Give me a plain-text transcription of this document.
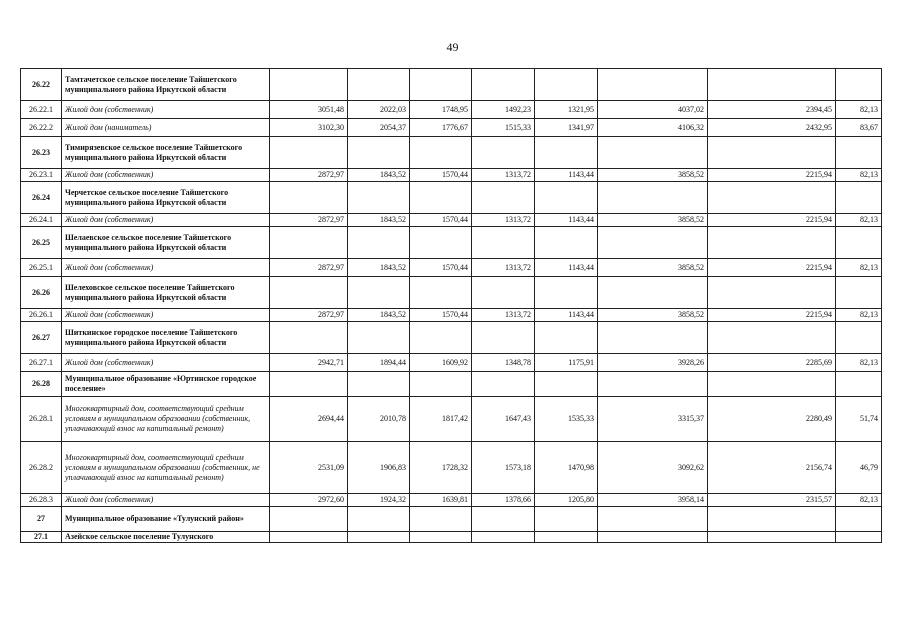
49
26.22	Тамтачетское сельское поселение Тайшетского муниципального района Иркутской области								
26.22.1	Жилой дом (собственник)	3051,48	2022,03	1748,95	1492,23	1321,95	4037,02	2394,45	82,13
26.22.2	Жилой дом (наниматель)	3102,30	2054,37	1776,67	1515,33	1341,97	4106,32	2432,95	83,67
26.23	Тимирязевское сельское поселение Тайшетского муниципального района Иркутской области								
26.23.1	Жилой дом (собственник)	2872,97	1843,52	1570,44	1313,72	1143,44	3858,52	2215,94	82,13
26.24	Черчетское сельское поселение Тайшетского муниципального района Иркутской области								
26.24.1	Жилой дом (собственник)	2872,97	1843,52	1570,44	1313,72	1143,44	3858,52	2215,94	82,13
26.25	Шелаевское сельское поселение Тайшетского муниципального района Иркутской области								
26.25.1	Жилой дом (собственник)	2872,97	1843,52	1570,44	1313,72	1143,44	3858,52	2215,94	82,13
26.26	Шелеховское сельское поселение Тайшетского муниципального района Иркутской области								
26.26.1	Жилой дом (собственник)	2872,97	1843,52	1570,44	1313,72	1143,44	3858,52	2215,94	82,13
26.27	Шиткинское городское поселение Тайшетского муниципального района Иркутской области								
26.27.1	Жилой дом (собственник)	2942,71	1894,44	1609,92	1348,78	1175,91	3928,26	2285,69	82,13
26.28	Муниципальное образование «Юртинское городское поселение»								
26.28.1	Многоквартирный дом, соответствующий средним условиям в муниципальном образовании (собственник, уплачивающий взнос на капитальный ремонт)	2694,44	2010,78	1817,42	1647,43	1535,33	3315,37	2280,49	51,74
26.28.2	Многоквартирный дом, соответствующий средним условиям в муниципальном образовании (собственник, не уплачивающий взнос на капитальный ремонт)	2531,09	1906,83	1728,32	1573,18	1470,98	3092,62	2156,74	46,79
26.28.3	Жилой дом (собственник)	2972,60	1924,32	1639,81	1378,66	1205,80	3958,14	2315,57	82,13
27	Муниципальное образование «Тулунский район»								
27.1	Азейское сельское поселение Тулунского								
